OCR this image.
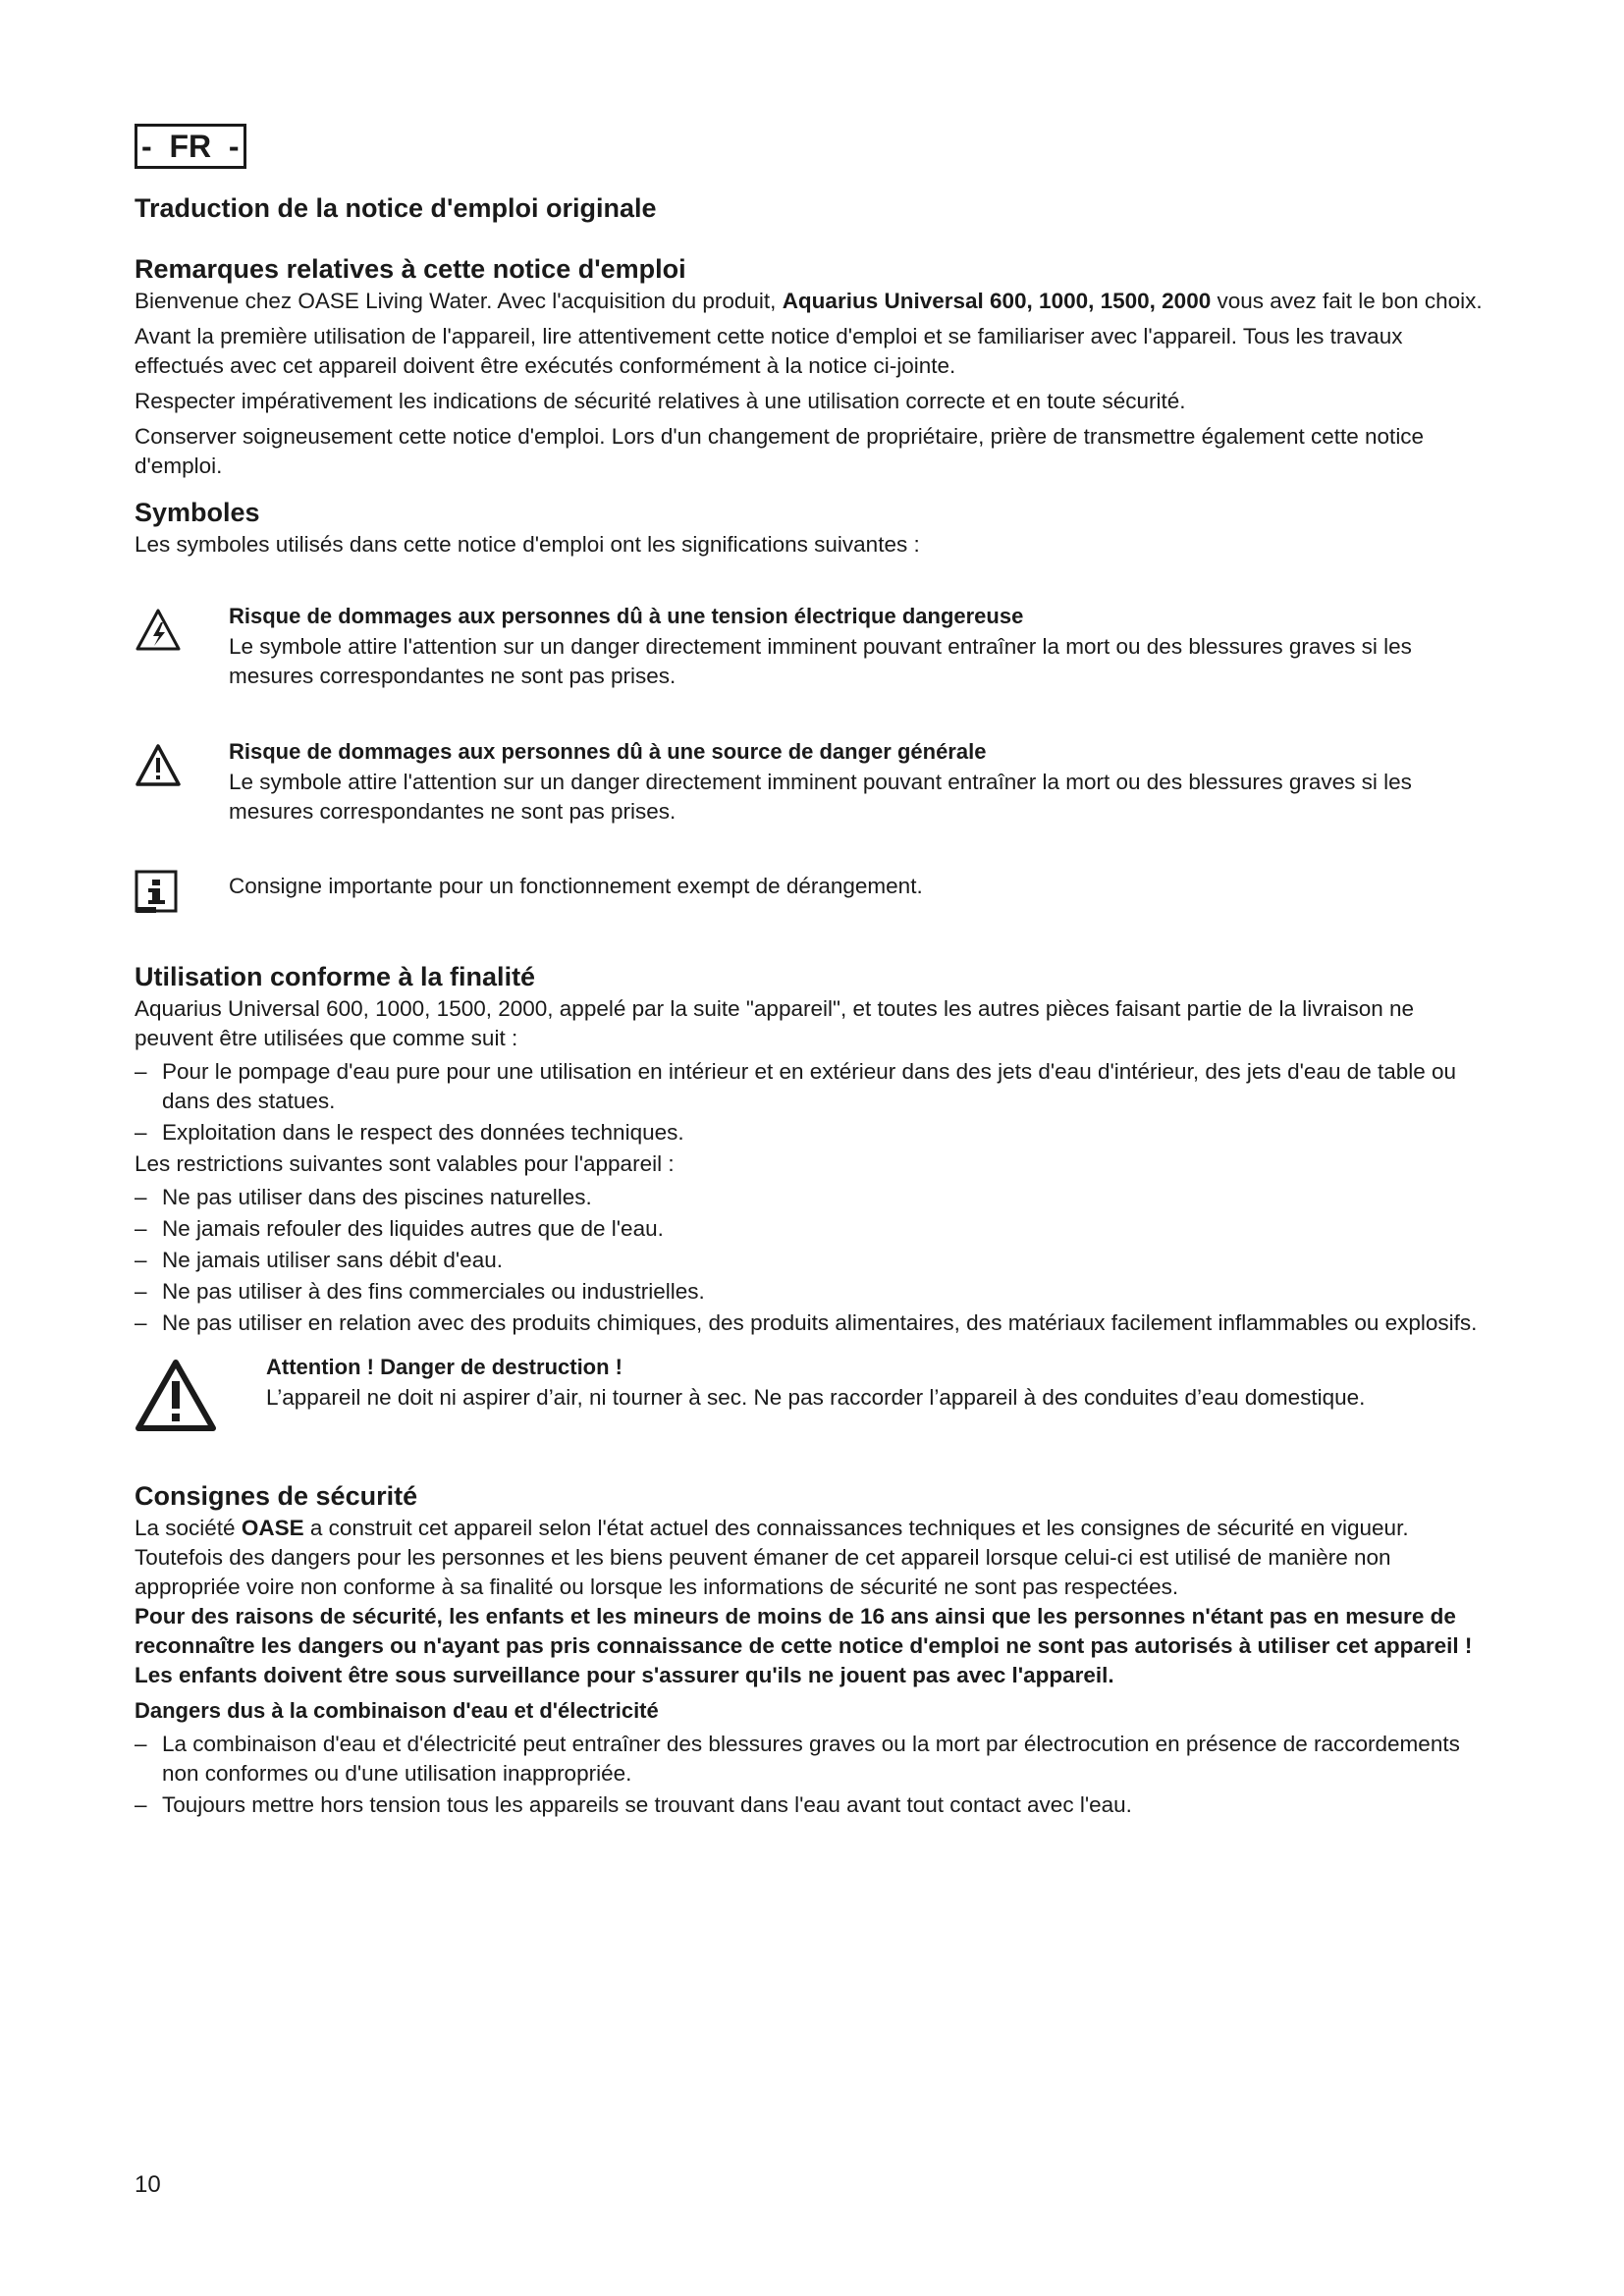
-  FR  -
Traduction de la notice d'emploi originale
Remarques relatives à cette notice d'emploi

Bienvenue chez OASE Living Water. Avec l'acquisition du produit, Aquarius Universal 600, 1000, 1500, 2000 vous avez fait le bon choix.

Avant la première utilisation de l'appareil, lire attentivement cette notice d'emploi et se familiariser avec l'appareil. Tous les travaux effectués avec cet appareil doivent être exécutés conformément à la notice ci-jointe.

Respecter impérativement les indications de sécurité relatives à une utilisation correcte et en toute sécurité.

Conserver soigneusement cette notice d'emploi. Lors d'un changement de propriétaire, prière de transmettre également cette notice d'emploi.

Symboles

Les symboles utilisés dans cette notice d'emploi ont les significations suivantes :

Risque de dommages aux personnes dû à une tension électrique dangereuse

Le symbole attire l'attention sur un danger directement imminent pouvant entraîner la mort ou des blessures graves si les mesures correspondantes ne sont pas prises.

Risque de dommages aux personnes dû à une source de danger générale

Le symbole attire l'attention sur un danger directement imminent pouvant entraîner la mort ou des blessures graves si les mesures correspondantes ne sont pas prises.

Consigne importante pour un fonctionnement exempt de dérangement.

Utilisation conforme à la finalité

Aquarius Universal 600, 1000, 1500, 2000, appelé par la suite "appareil", et toutes les autres pièces faisant partie de la livraison ne peuvent être utilisées que comme suit :

– Pour le pompage d'eau pure pour une utilisation en intérieur et en extérieur dans des jets d'eau d'intérieur, des jets d'eau de table ou dans des statues.
– Exploitation dans le respect des données techniques.

Les restrictions suivantes sont valables pour l'appareil :

– Ne pas utiliser dans des piscines naturelles.
– Ne jamais refouler des liquides autres que de l'eau.
– Ne jamais utiliser sans débit d'eau.
– Ne pas utiliser à des fins commerciales ou industrielles.
– Ne pas utiliser en relation avec des produits chimiques, des produits alimentaires, des matériaux facilement inflammables ou explosifs.
Attention ! Danger de destruction !

L’appareil ne doit ni aspirer d’air, ni tourner à sec. Ne pas raccorder l’appareil à des conduites d’eau domestique.

Consignes de sécurité

La société OASE a construit cet appareil selon l'état actuel des connaissances techniques et les consignes de sécurité en vigueur. Toutefois des dangers pour les personnes et les biens peuvent émaner de cet appareil lorsque celui-ci est utilisé de manière non appropriée voire non conforme à sa finalité ou lorsque les informations de sécurité ne sont pas respectées.

Pour des raisons de sécurité, les enfants et les mineurs de moins de 16 ans ainsi que les personnes n'étant pas en mesure de reconnaître les dangers ou n'ayant pas pris connaissance de cette notice d'emploi ne sont pas autorisés à utiliser cet appareil ! Les enfants doivent être sous surveillance pour s'assurer qu'ils ne jouent pas avec l'appareil.

Dangers dus à la combinaison d'eau et d'électricité
– La combinaison d'eau et d'électricité peut entraîner des blessures graves ou la mort par électrocution en présence de raccordements non conformes ou d'une utilisation inappropriée.
– Toujours mettre hors tension tous les appareils se trouvant dans l'eau avant tout contact avec l'eau.
10
